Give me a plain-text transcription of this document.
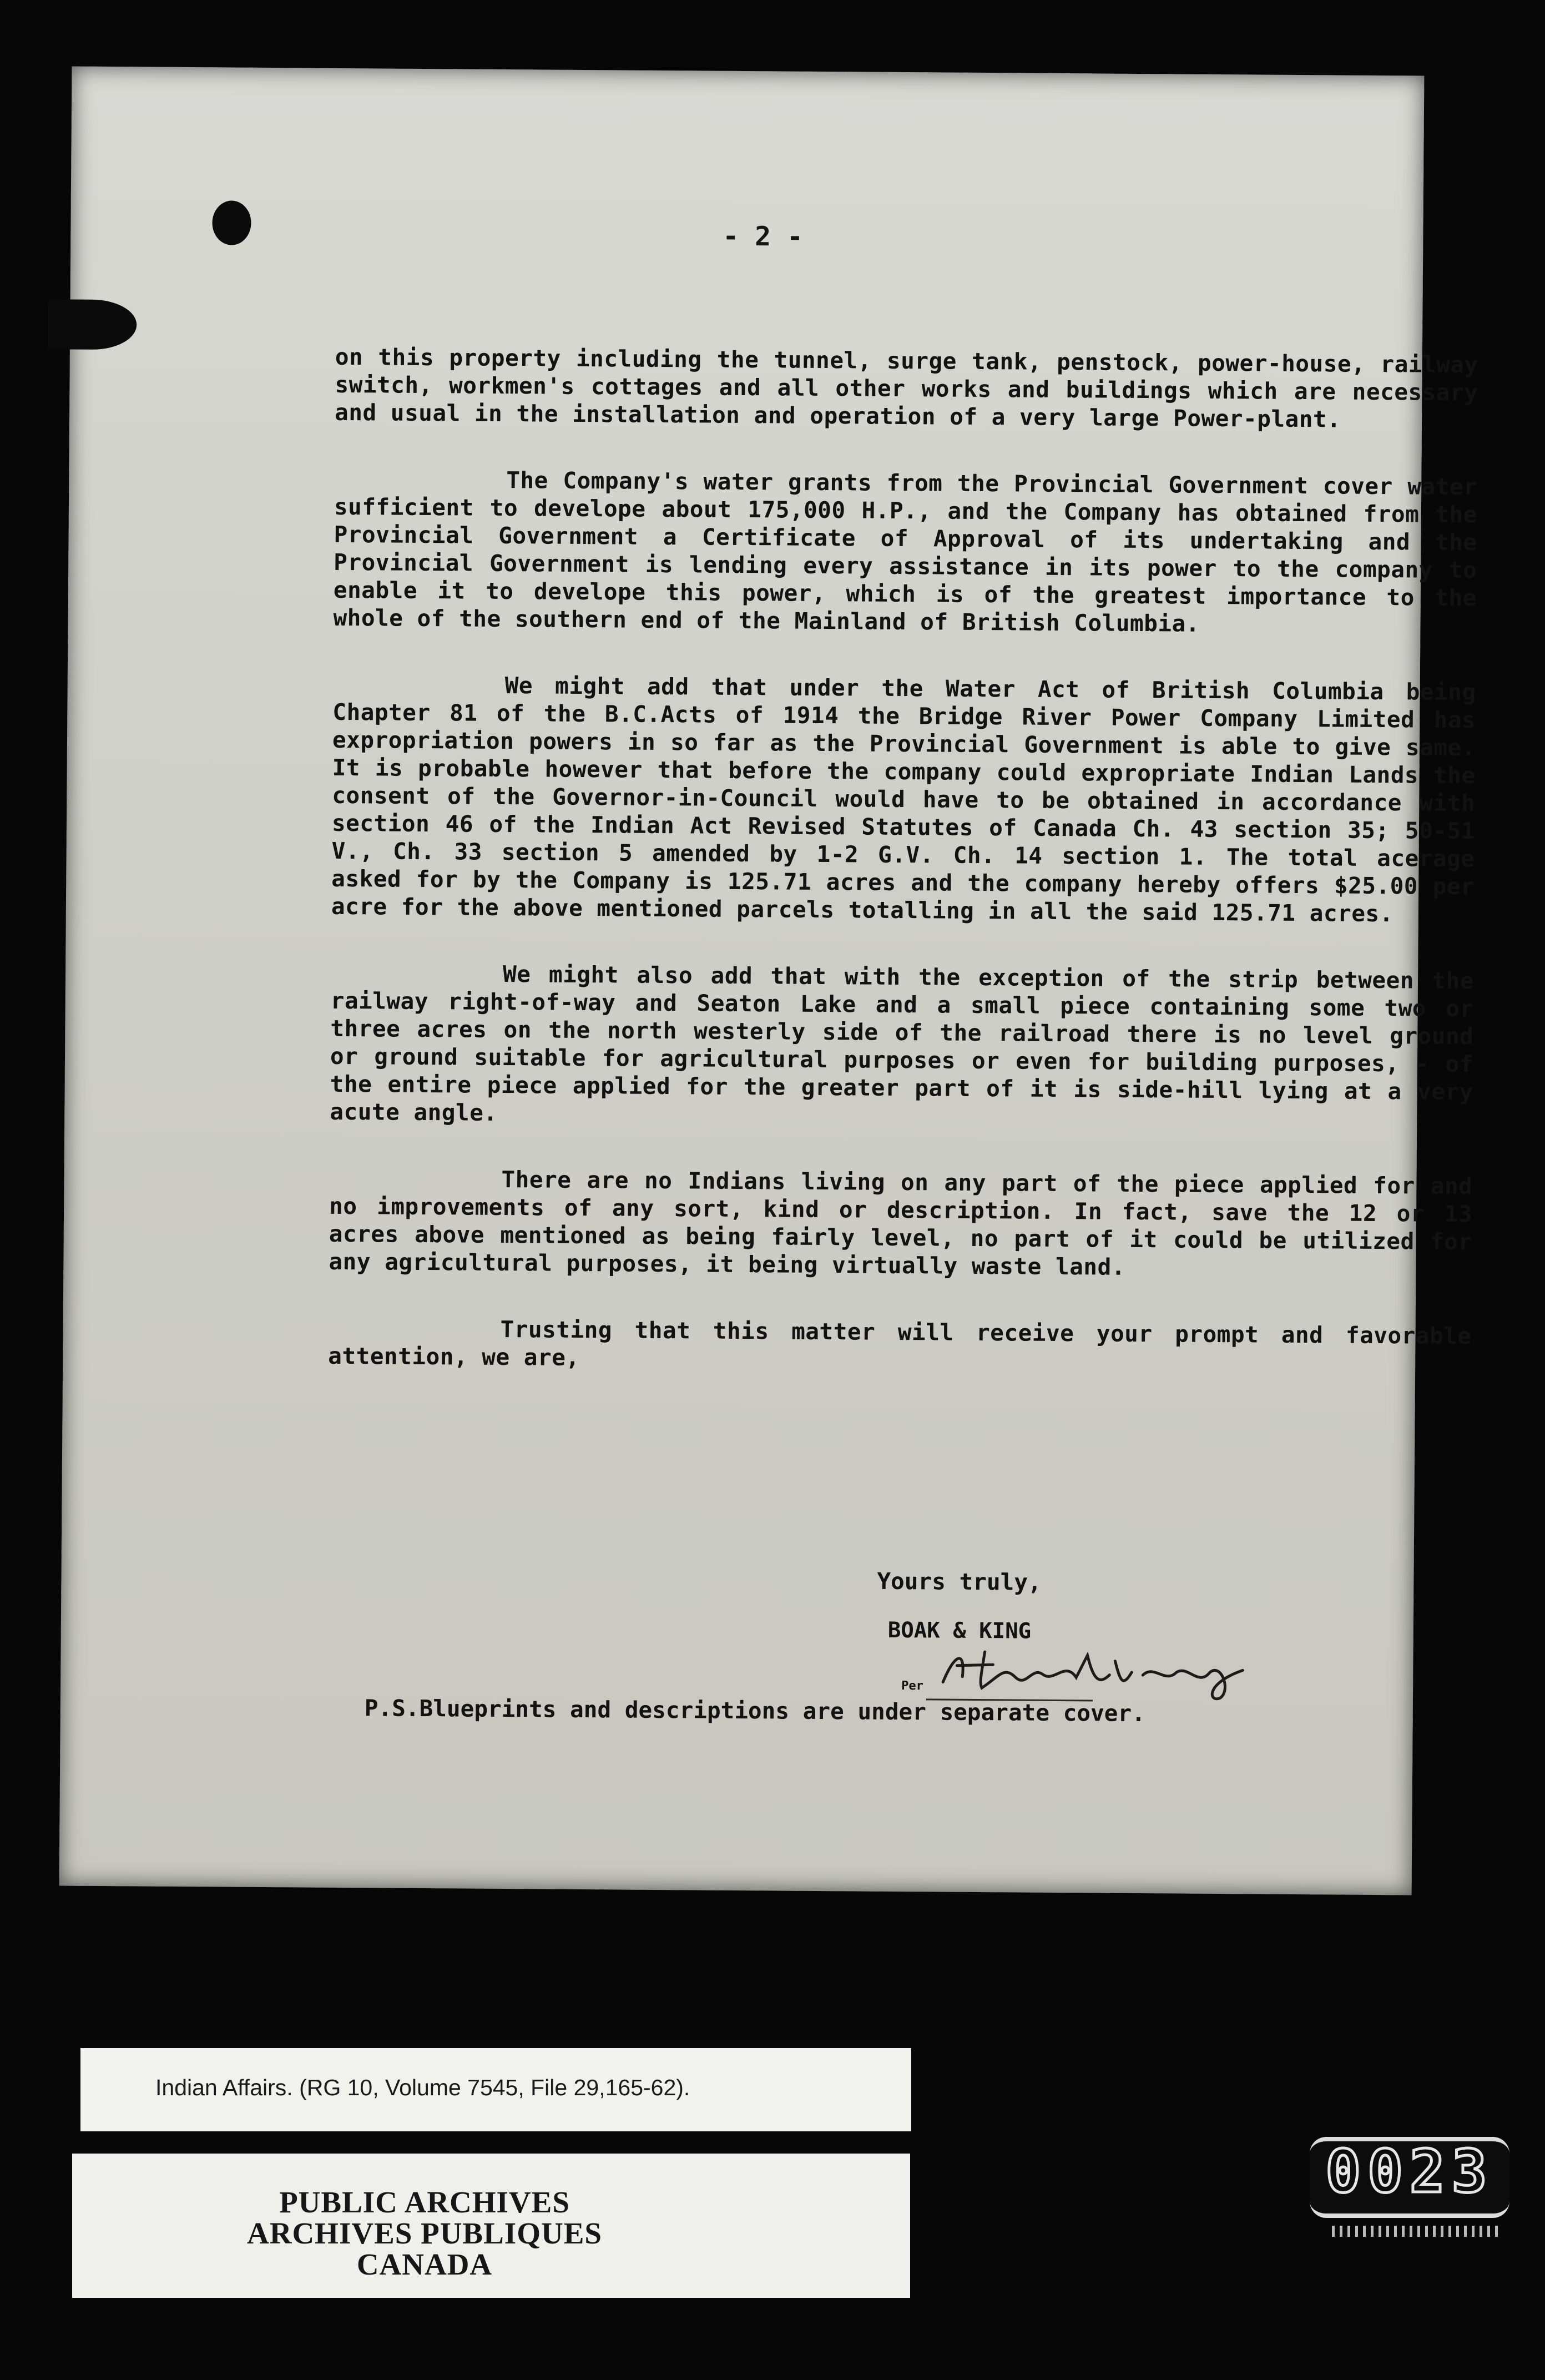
- 2 -

on this property including the tunnel, surge tank, penstock, power-house, railway switch, workmen's cottages and all other works and buildings which are necessary and usual in the installation and operation of a very large Power-plant.

The Company's water grants from the Provincial Government cover water sufficient to develope about 175,000 H.P., and the Company has obtained from the Provincial Government a Certificate of Approval of its undertaking and the Provincial Government is lending every assistance in its power to the company to enable it to develope this power, which is of the greatest importance to the whole of the southern end of the Mainland of British Columbia.

We might add that under the Water Act of British Columbia being Chapter 81 of the B.C.Acts of 1914 the Bridge River Power Company Limited has expropriation powers in so far as the Provincial Government is able to give same. It is probable however that before the company could expropriate Indian Lands the consent of the Governor-in-Council would have to be obtained in accordance with section 46 of the Indian Act Revised Statutes of Canada Ch. 43 section 35; 50-51 V., Ch. 33 section 5 amended by 1-2 G.V. Ch. 14 section 1. The total acerage asked for by the Company is 125.71 acres and the company hereby offers $25.00 per acre for the above mentioned parcels totalling in all the said 125.71 acres.

We might also add that with the exception of the strip between the railway right-of-way and Seaton Lake and a small piece containing some two or three acres on the north westerly side of the railroad there is no level ground or ground suitable for agricultural purposes or even for building purposes, - of the entire piece applied for the greater part of it is side-hill lying at a very acute angle.

There are no Indians living on any part of the piece applied for and no improvements of any sort, kind or description. In fact, save the 12 or 13 acres above mentioned as being fairly level, no part of it could be utilized for any agricultural purposes, it being virtually waste land.

Trusting that this matter will receive your prompt and favorable attention, we are,

Yours truly,
BOAK & KING
Per
P.S.Blueprints and descriptions are under separate cover.
Indian Affairs. (RG 10, Volume 7545, File 29,165-62).
PUBLIC ARCHIVES
ARCHIVES PUBLIQUES
CANADA
0023
